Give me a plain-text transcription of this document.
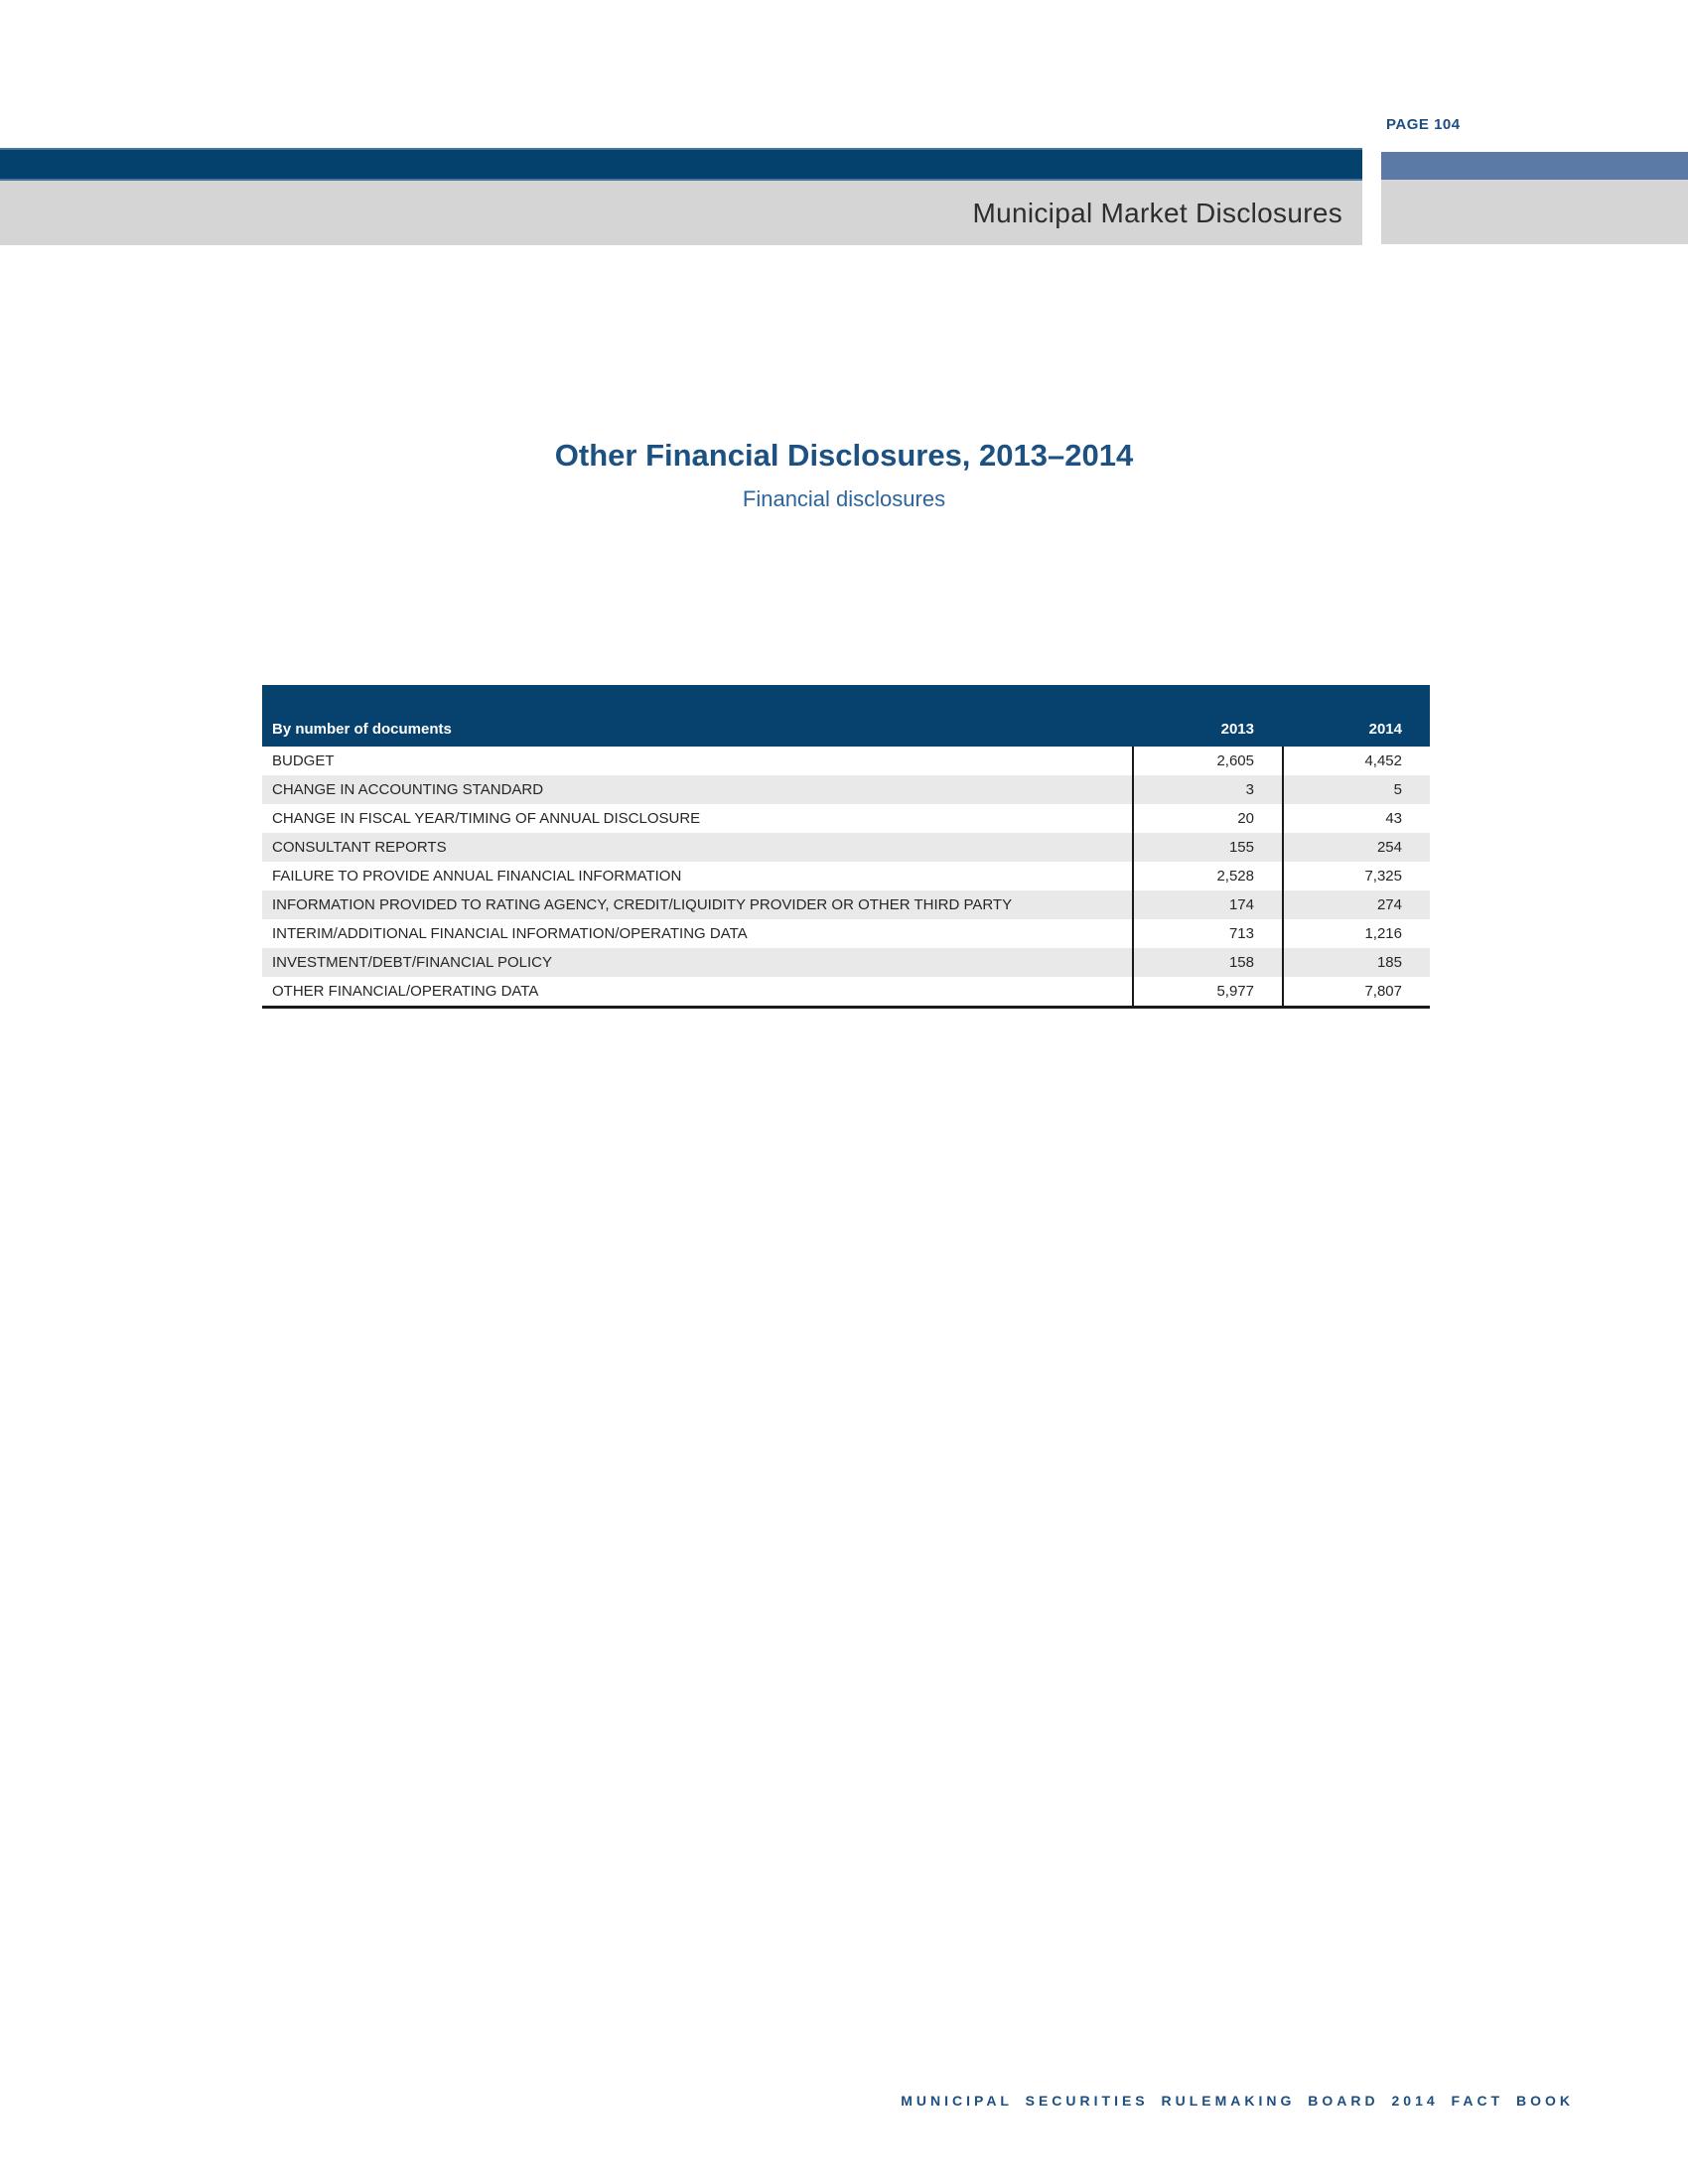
PAGE 104
Municipal Market Disclosures
Other Financial Disclosures, 2013–2014
Financial disclosures
By number of documents	2013	2014
BUDGET	2,605	4,452
CHANGE IN ACCOUNTING STANDARD	3	5
CHANGE IN FISCAL YEAR/TIMING OF ANNUAL DISCLOSURE	20	43
CONSULTANT REPORTS	155	254
FAILURE TO PROVIDE ANNUAL FINANCIAL INFORMATION	2,528	7,325
INFORMATION PROVIDED TO RATING AGENCY, CREDIT/LIQUIDITY PROVIDER OR OTHER THIRD PARTY	174	274
INTERIM/ADDITIONAL FINANCIAL INFORMATION/OPERATING DATA	713	1,216
INVESTMENT/DEBT/FINANCIAL POLICY	158	185
OTHER FINANCIAL/OPERATING DATA	5,977	7,807
MUNICIPAL SECURITIES RULEMAKING BOARD 2014 FACT BOOK
